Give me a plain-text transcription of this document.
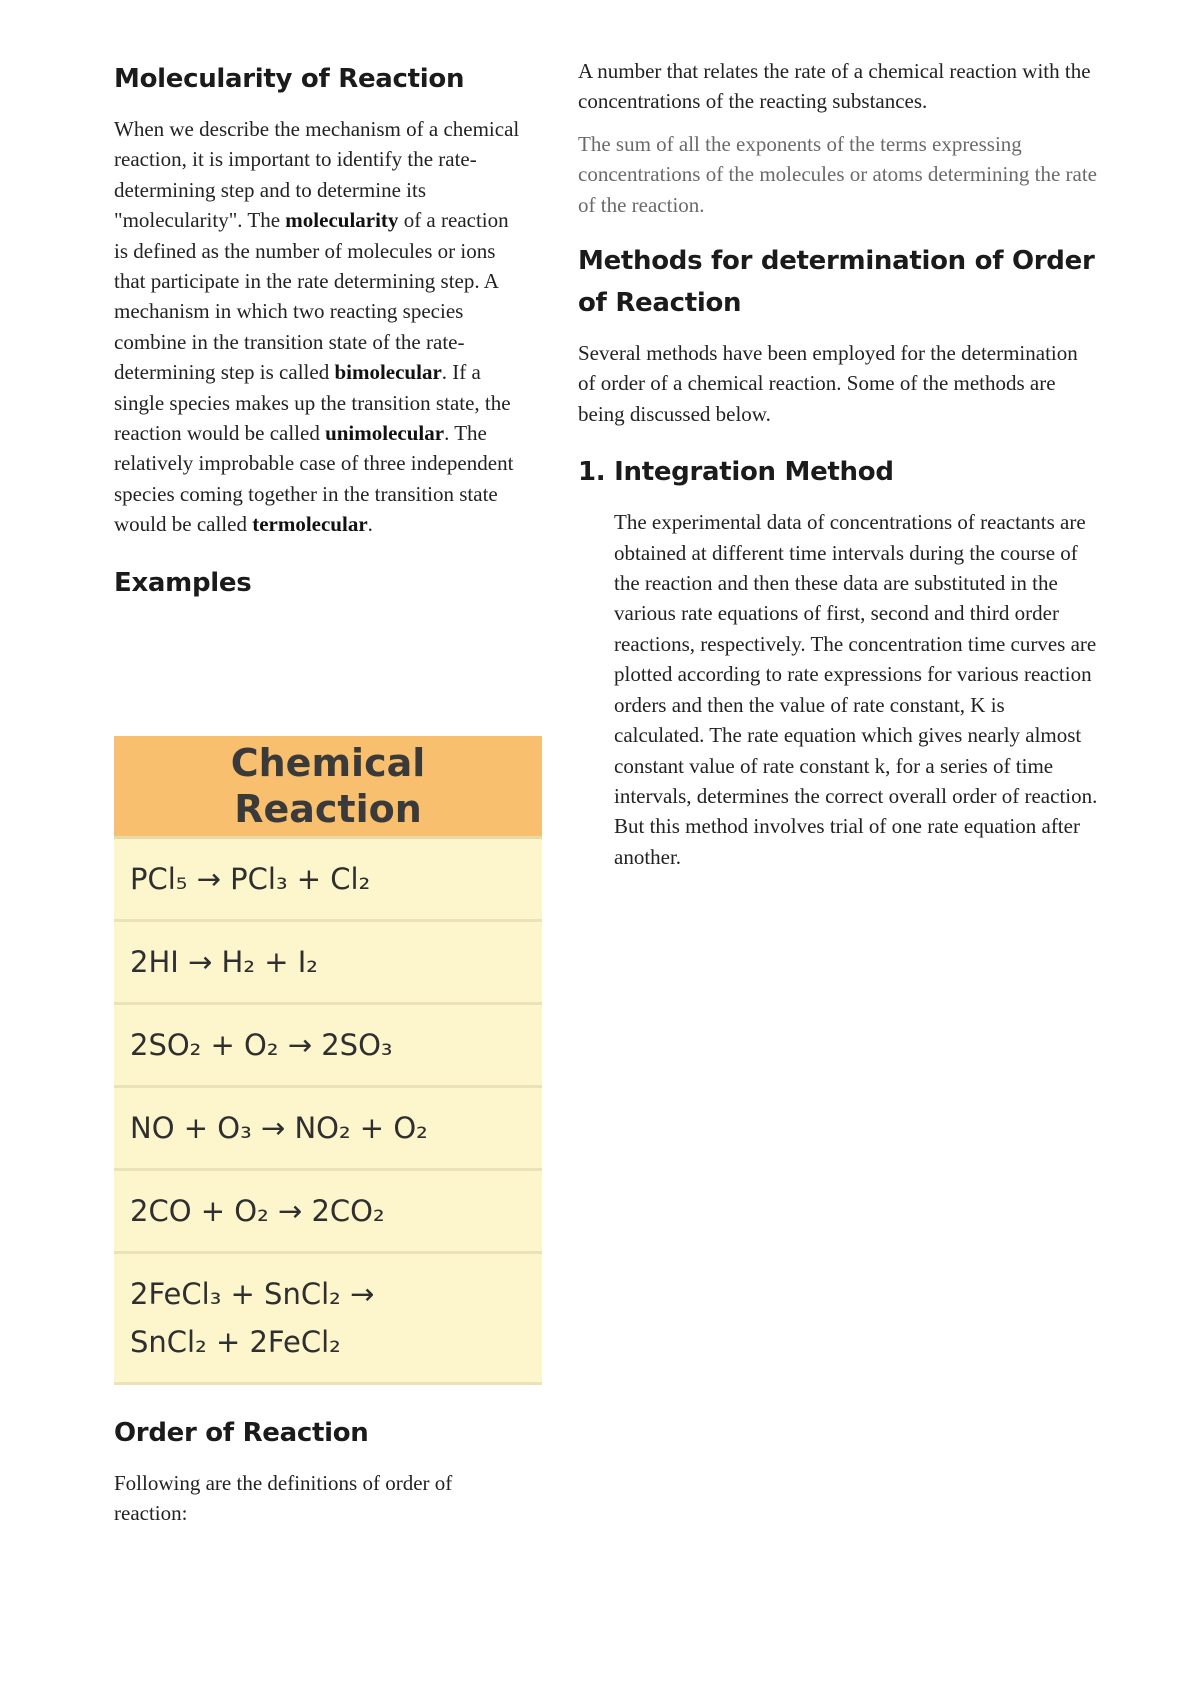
Molecularity of Reaction

When we describe the mechanism of a chemical reaction, it is important to identify the rate-determining step and to determine its "molecularity". The molecularity of a reaction is defined as the number of molecules or ions that participate in the rate determining step. A mechanism in which two reacting species combine in the transition state of the rate-determining step is called bimolecular. If a single species makes up the transition state, the reaction would be called unimolecular. The relatively improbable case of three independent species coming together in the transition state would be called termolecular.

Examples
Chemical
Reaction
PCl₅ → PCl₃ + Cl₂
2HI → H₂ + I₂
2SO₂ + O₂ → 2SO₃
NO + O₃ → NO₂ + O₂
2CO + O₂ → 2CO₂
2FeCl₃ + SnCl₂ →
SnCl₂ + 2FeCl₂
Order of Reaction

Following are the definitions of order of reaction:

A number that relates the rate of a chemical reaction with the concentrations of the reacting substances.

The sum of all the exponents of the terms expressing concentrations of the molecules or atoms determining the rate of the reaction.

Methods for determination of Order of Reaction

Several methods have been employed for the determination of order of a chemical reaction. Some of the methods are being discussed below.

1. Integration Method

The experimental data of concentrations of reactants are obtained at different time intervals during the course of the reaction and then these data are substituted in the various rate equations of first, second and third order reactions, respectively. The concentration time curves are plotted according to rate expressions for various reaction orders and then the value of rate constant, K is calculated. The rate equation which gives nearly almost constant value of rate constant k, for a series of time intervals, determines the correct overall order of reaction. But this method involves trial of one rate equation after another.
